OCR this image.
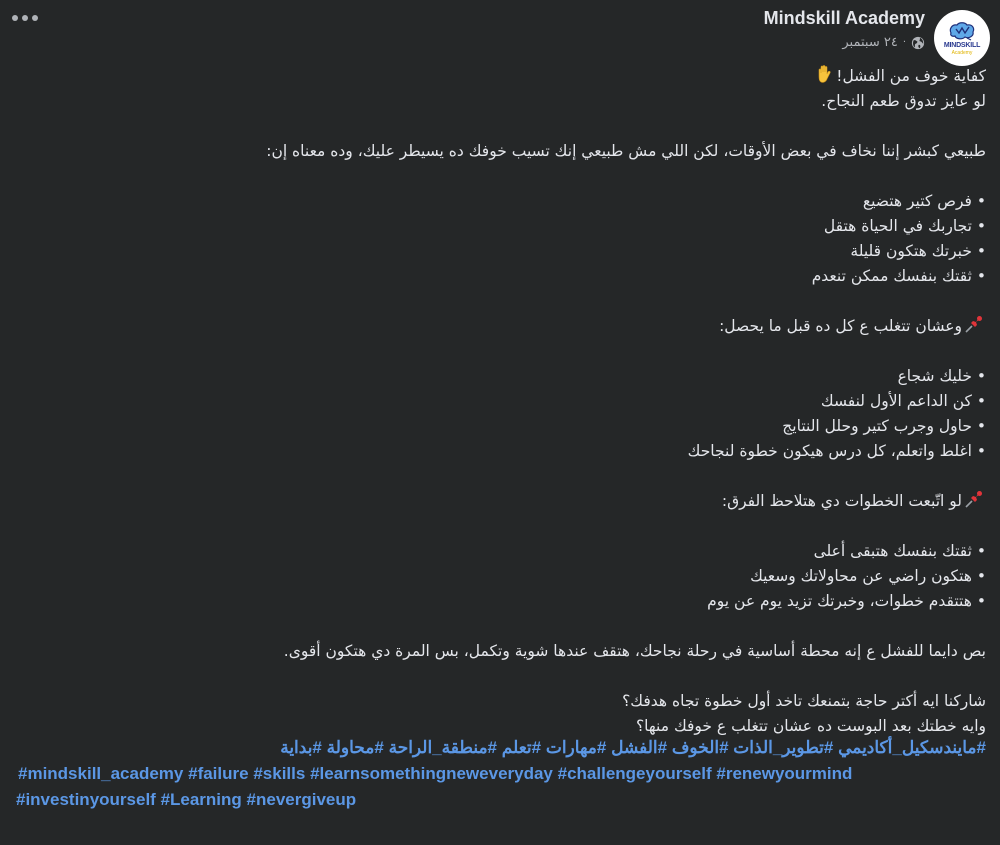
MINDSKILL
Academy
Mindskill Academy
٢٤ سبتمبر ·
كفاية خوف من الفشل!
لو عايز تدوق طعم النجاح.
طبيعي كبشر إننا نخاف في بعض الأوقات، لكن اللي مش طبيعي إنك تسيب خوفك ده يسيطر عليك، وده معناه إن:
• فرص كتير هتضيع
• تجاربك في الحياة هتقل
• خبرتك هتكون قليلة
• ثقتك بنفسك ممكن تنعدم
وعشان تتغلب ع كل ده قبل ما يحصل:
• خليك شجاع
• كن الداعم الأول لنفسك
• حاول وجرب كتير وحلل النتايج
• اغلط واتعلم، كل درس هيكون خطوة لنجاحك
لو اتّبعت الخطوات دي هتلاحظ الفرق:
• ثقتك بنفسك هتبقى أعلى
• هتكون راضي عن محاولاتك وسعيك
• هتتقدم خطوات، وخبرتك تزيد يوم عن يوم
بص دايما للفشل ع إنه محطة أساسية في رحلة نجاحك، هتقف عندها شوية وتكمل، بس المرة دي هتكون أقوى.
شاركنا ايه أكتر حاجة بتمنعك تاخد أول خطوة تجاه هدفك؟
وايه خطتك بعد البوست ده عشان تتغلب ع خوفك منها؟
#مايندسكيل_أكاديمي #تطوير_الذات #الخوف #الفشل #مهارات #تعلم #منطقة_الراحة #محاولة #بداية
#mindskill_academy #failure #skills #learnsomethingneweveryday #challengeyourself #renewyourmind
#investinyourself #Learning #nevergiveup
